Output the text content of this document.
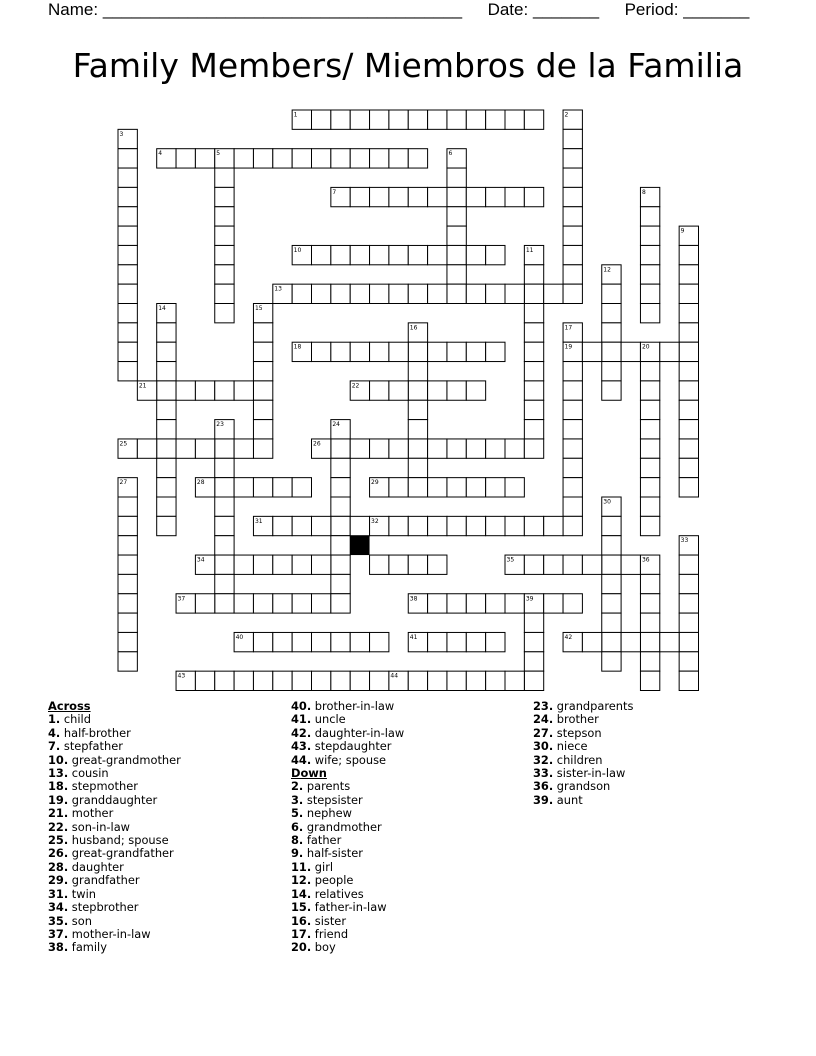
Name: ______________________________________ Date: _______ Period: _______
Family Members/ Miembros de la Familia
1	2
3
4	5	6
7	8
9
10	11
12
13
14	15
16	17
18	19	20
21	22
23	24
25	26
27	28	29
30
31	32
33
34	35	36
37	38	39
40	41	42
43	44
Across
1. child
4. half-brother
7. stepfather
10. great-grandmother
13. cousin
18. stepmother
19. granddaughter
21. mother
22. son-in-law
25. husband; spouse
26. great-grandfather
28. daughter
29. grandfather
31. twin
34. stepbrother
35. son
37. mother-in-law
38. family
40. brother-in-law
41. uncle
42. daughter-in-law
43. stepdaughter
44. wife; spouse
Down
2. parents
3. stepsister
5. nephew
6. grandmother
8. father
9. half-sister
11. girl
12. people
14. relatives
15. father-in-law
16. sister
17. friend
20. boy
23. grandparents
24. brother
27. stepson
30. niece
32. children
33. sister-in-law
36. grandson
39. aunt
